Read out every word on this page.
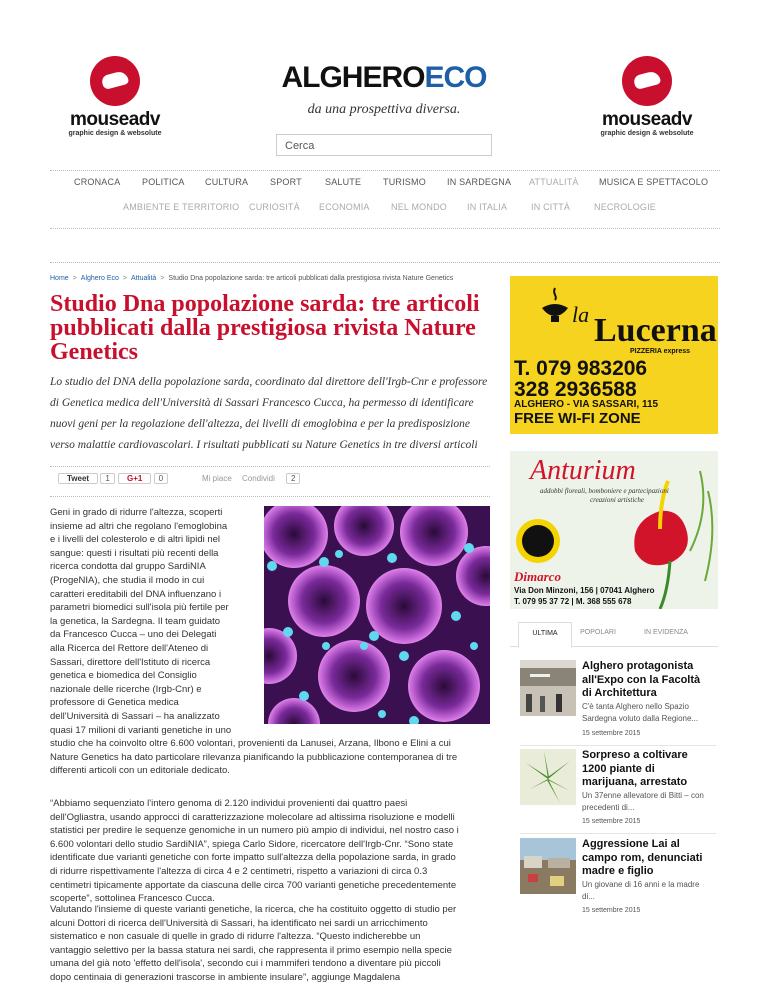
mouseadv
graphic design & websolute
mouseadv
graphic design & websolute
ALGHEROECO
da una prospettiva diversa.
Cerca
CRONACA POLITICA CULTURA SPORT	SALUTE TURISMO IN SARDEGNA ATTUALITÀ MUSICA E SPETTACOLO
AMBIENTE E TERRITORIO CURIOSITÀ ECONOMIA NEL MONDO IN ITALIA	IN CITTÀ	NECROLOGIE
Home > Alghero Eco > Attualità > Studio Dna popolazione sarda: tre articoli pubblicati dalla prestigiosa rivista Nature Genetics
Studio Dna popolazione sarda: tre articoli pubblicati dalla prestigiosa rivista Nature Genetics

Lo studio del DNA della popolazione sarda, coordinato dal direttore dell'Irgb-Cnr e professore di Genetica medica dell'Università di Sassari Francesco Cucca, ha permesso di identificare nuovi geni per la regolazione dell'altezza, dei livelli di emoglobina e per la predisposizione verso malattie cardiovascolari. I risultati pubblicati su Nature Genetics in tre diversi articoli

Tweet 1	G+1 0	Mi piace Condividi	2

Geni in grado di ridurre l'altezza, scoperti
insieme ad altri che regolano l'emoglobina
e i livelli del colesterolo e di altri lipidi nel
sangue: questi i risultati più recenti della
ricerca condotta dal gruppo SardiNIA
(ProgeNIA), che studia il modo in cui
caratteri ereditabili del DNA influenzano i
parametri biomedici sull'isola più fertile per
la genetica, la Sardegna. Il team guidato
da Francesco Cucca – uno dei Delegati
alla Ricerca del Rettore dell'Ateneo di
Sassari, direttore dell'Istituto di ricerca
genetica e biomedica del Consiglio
nazionale delle ricerche (Irgb-Cnr) e
professore di Genetica medica
dell'Università di Sassari – ha analizzato
quasi 17 milioni di varianti genetiche in uno

studio che ha coinvolto oltre 6.600 volontari, provenienti da Lanusei, Arzana, Ilbono e Elini a cui
Nature Genetics ha dato particolare rilevanza pianificando la pubblicazione contemporanea di tre
differenti articoli con un editoriale dedicato.

“Abbiamo sequenziato l'intero genoma di 2.120 individui provenienti dai quattro paesi
dell'Ogliastra, usando approcci di caratterizzazione molecolare ad altissima risoluzione e modelli
statistici per predire le sequenze genomiche in un numero più ampio di individui, nel nostro caso i
6.600 volontari dello studio SardiNIA”, spiega Carlo Sidore, ricercatore dell'Irgb-Cnr. “Sono state
identificate due varianti genetiche con forte impatto sull'altezza della popolazione sarda, in grado
di ridurre rispettivamente l'altezza di circa 4 e 2 centimetri, rispetto a variazioni di circa 0.3
centimetri tipicamente apportate da ciascuna delle circa 700 varianti genetiche precedentemente
scoperte”, sottolinea Francesco Cucca.

Valutando l'insieme di queste varianti genetiche, la ricerca, che ha costituito oggetto di studio per
alcuni Dottori di ricerca dell'Università di Sassari, ha identificato nei sardi un arricchimento
sistematico e non casuale di quelle in grado di ridurre l'altezza. “Questo indicherebbe un
vantaggio selettivo per la bassa statura nei sardi, che rappresenta il primo esempio nella specie
umana del già noto 'effetto dell'isola', secondo cui i mammiferi tendono a diventare più piccoli
dopo centinaia di generazioni trascorse in ambiente insulare”, aggiunge Magdalena

la Lucerna
PIZZERIA express
T. 079 983206
328 2936588
ALGHERO - VIA SASSARI, 115
FREE WI-FI ZONE
Anturium
addobbi floreali, bomboniere e partecipazioni
creazioni artistiche
Dimarco
Via Don Minzoni, 156 | 07041 Alghero
T. 079 95 37 72 | M. 368 555 678
ULTIMA	POPOLARI	IN EVIDENZA

Alghero protagonista all'Expo con la Facoltà di Architettura

C'è tanta Alghero nello Spazio Sardegna voluto dalla Regione...

15 settembre 2015

Sorpreso a coltivare 1200 piante di marijuana, arrestato

Un 37enne allevatore di Bitti – con precedenti di...

15 settembre 2015

Aggressione Lai al campo rom, denunciati madre e figlio

Un giovane di 16 anni e la madre di...

15 settembre 2015
